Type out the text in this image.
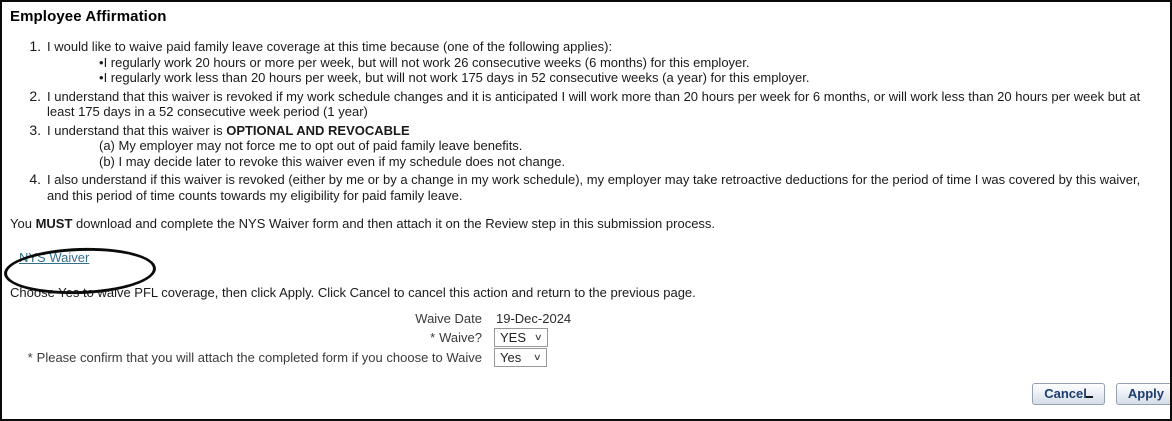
Employee Affirmation
1. I would like to waive paid family leave coverage at this time because (one of the following applies):
•I regularly work 20 hours or more per week, but will not work 26 consecutive weeks (6 months) for this employer.
•I regularly work less than 20 hours per week, but will not work 175 days in 52 consecutive weeks (a year) for this employer.
2. I understand that this waiver is revoked if my work schedule changes and it is anticipated I will work more than 20 hours per week for 6 months, or will work less than 20 hours per week but at least 175 days in a 52 consecutive week period (1 year)
3. I understand that this waiver is OPTIONAL AND REVOCABLE
(a) My employer may not force me to opt out of paid family leave benefits.
(b) I may decide later to revoke this waiver even if my schedule does not change.
4. I also understand if this waiver is revoked (either by me or by a change in my work schedule), my employer may take retroactive deductions for the period of time I was covered by this waiver, and this period of time counts towards my eligibility for paid family leave.

You MUST download and complete the NYS Waiver form and then attach it on the Review step in this submission process.

NYS Waiver

Choose Yes to waive PFL coverage, then click Apply. Click Cancel to cancel this action and return to the previous page.

Waive Date	19-Dec-2024
* Waive?	YES ∨
* Please confirm that you will attach the completed form if you choose to Waive	Yes ∨
Cancel	Apply
